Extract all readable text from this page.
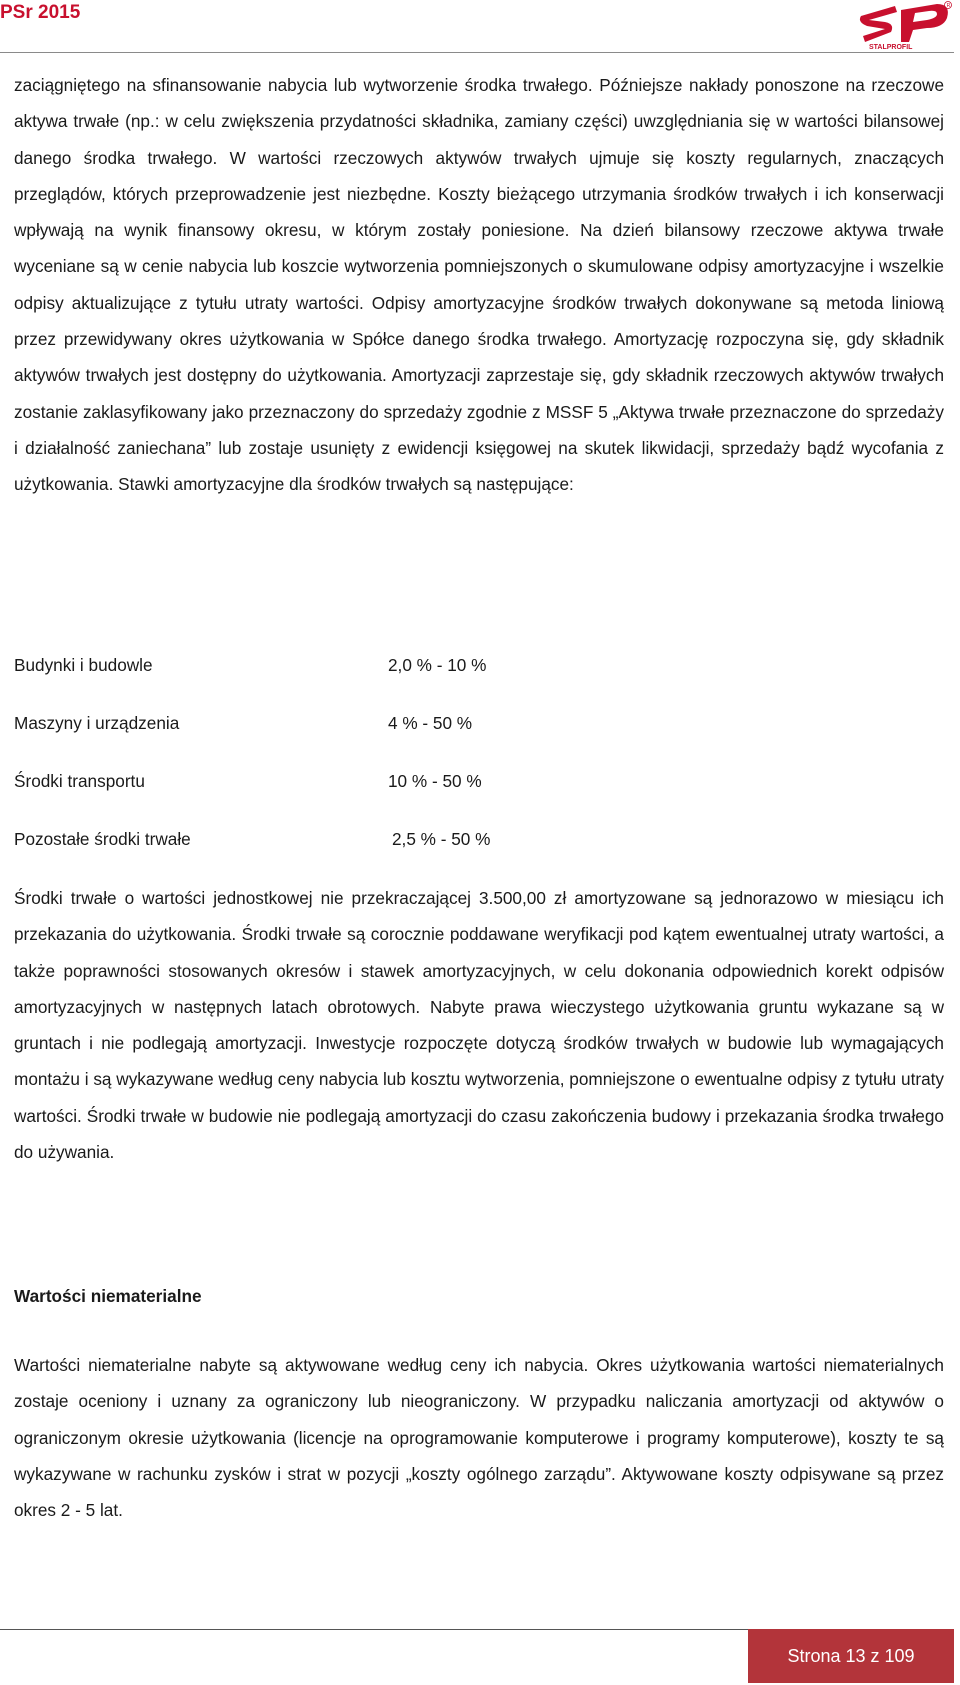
PSr 2015	R
STALPROFIL

zaciągniętego na sfinansowanie nabycia lub wytworzenie środka trwałego. Późniejsze nakłady ponoszone na rzeczowe aktywa trwałe (np.: w celu zwiększenia przydatności składnika, zamiany części) uwzględniania się w wartości bilansowej danego środka trwałego. W wartości rzeczowych aktywów trwałych ujmuje się koszty regularnych, znaczących przeglądów, których przeprowadzenie jest niezbędne. Koszty bieżącego utrzymania środków trwałych i ich konserwacji wpływają na wynik finansowy okresu, w którym zostały poniesione. Na dzień bilansowy rzeczowe aktywa trwałe wyceniane są w cenie nabycia lub koszcie wytworzenia pomniejszonych o skumulowane odpisy amortyzacyjne i wszelkie odpisy aktualizujące z tytułu utraty wartości. Odpisy amortyzacyjne środków trwałych dokonywane są metoda liniową przez przewidywany okres użytkowania w Spółce danego środka trwałego. Amortyzację rozpoczyna się, gdy składnik aktywów trwałych jest dostępny do użytkowania. Amortyzacji zaprzestaje się, gdy składnik rzeczowych aktywów trwałych zostanie zaklasyfikowany jako przeznaczony do sprzedaży zgodnie z MSSF 5 „Aktywa trwałe przeznaczone do sprzedaży i działalność zaniechana” lub zostaje usunięty z ewidencji księgowej na skutek likwidacji, sprzedaży bądź wycofania z użytkowania. Stawki amortyzacyjne dla środków trwałych są następujące:

Budynki i budowle	2,0 % - 10 %
Maszyny i urządzenia	4 % - 50 %
Środki transportu	10 % - 50 %
Pozostałe środki trwałe	2,5 % - 50 %

Środki trwałe o wartości jednostkowej nie przekraczającej 3.500,00 zł amortyzowane są jednorazowo w miesiącu ich przekazania do użytkowania. Środki trwałe są corocznie poddawane weryfikacji pod kątem ewentualnej utraty wartości, a także poprawności stosowanych okresów i stawek amortyzacyjnych, w celu dokonania odpowiednich korekt odpisów amortyzacyjnych w następnych latach obrotowych. Nabyte prawa wieczystego użytkowania gruntu wykazane są w gruntach i nie podlegają amortyzacji. Inwestycje rozpoczęte dotyczą środków trwałych w budowie lub wymagających montażu i są wykazywane według ceny nabycia lub kosztu wytworzenia, pomniejszone o ewentualne odpisy z tytułu utraty wartości. Środki trwałe w budowie nie podlegają amortyzacji do czasu zakończenia budowy i przekazania środka trwałego do używania.

Wartości niematerialne

Wartości niematerialne nabyte są aktywowane według ceny ich nabycia. Okres użytkowania wartości niematerialnych zostaje oceniony i uznany za ograniczony lub nieograniczony. W przypadku naliczania amortyzacji od aktywów o ograniczonym okresie użytkowania (licencje na oprogramowanie komputerowe i programy komputerowe), koszty te są wykazywane w rachunku zysków i strat w pozycji „koszty ogólnego zarządu”. Aktywowane koszty odpisywane są przez okres 2 - 5 lat.

Strona 13 z 109
